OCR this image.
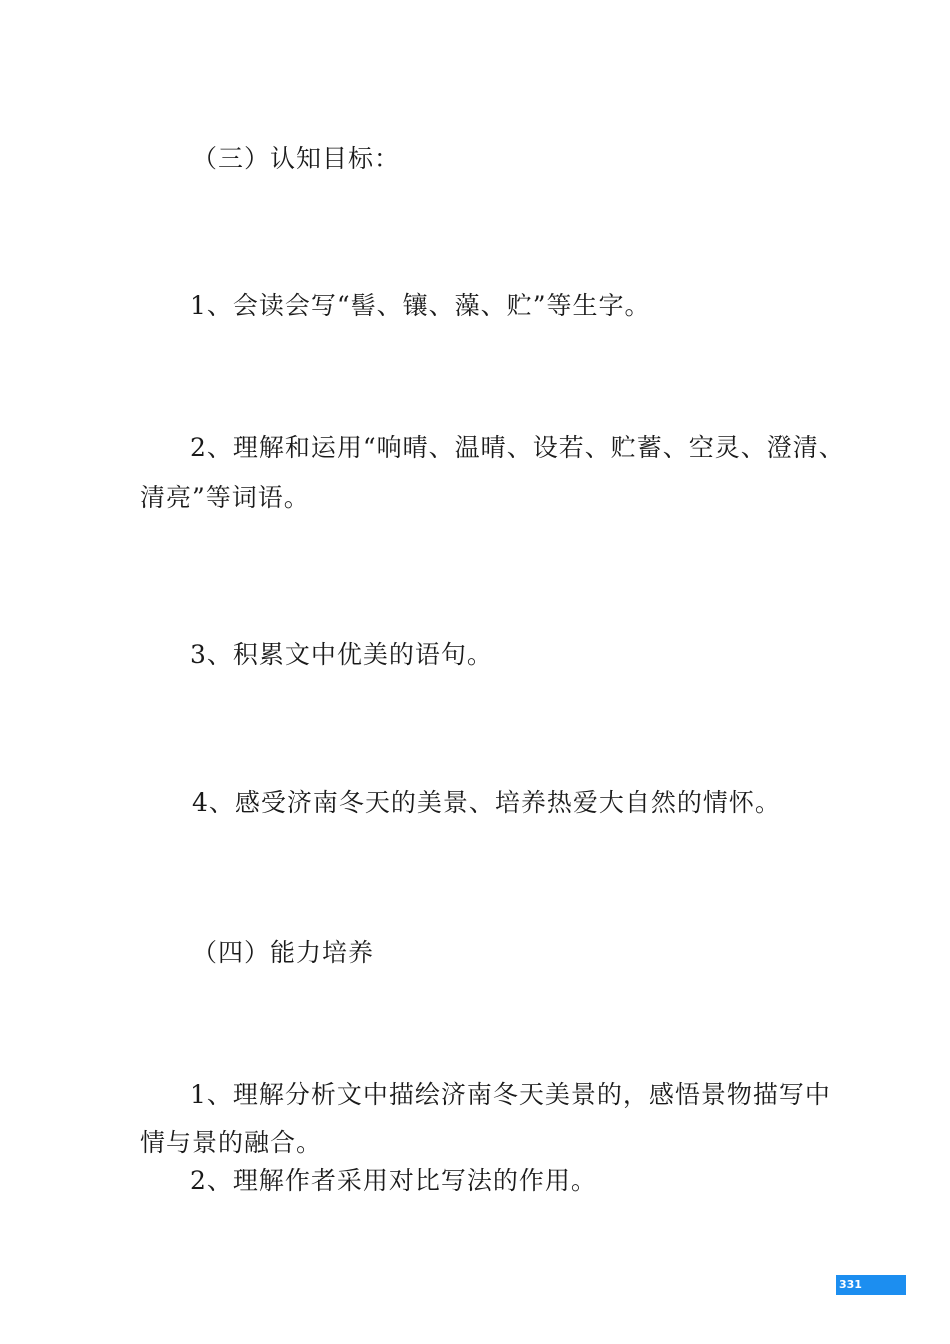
（三）认知目标：
1、会读会写“髻、镶、藻、贮”等生字。
2、理解和运用“响晴、温晴、设若、贮蓄、空灵、澄清、
清亮”等词语。
3、积累文中优美的语句。
4、感受济南冬天的美景、培养热爱大自然的情怀。
（四）能力培养
1、理解分析文中描绘济南冬天美景的，感悟景物描写中
情与景的融合。
2、理解作者采用对比写法的作用。
331
